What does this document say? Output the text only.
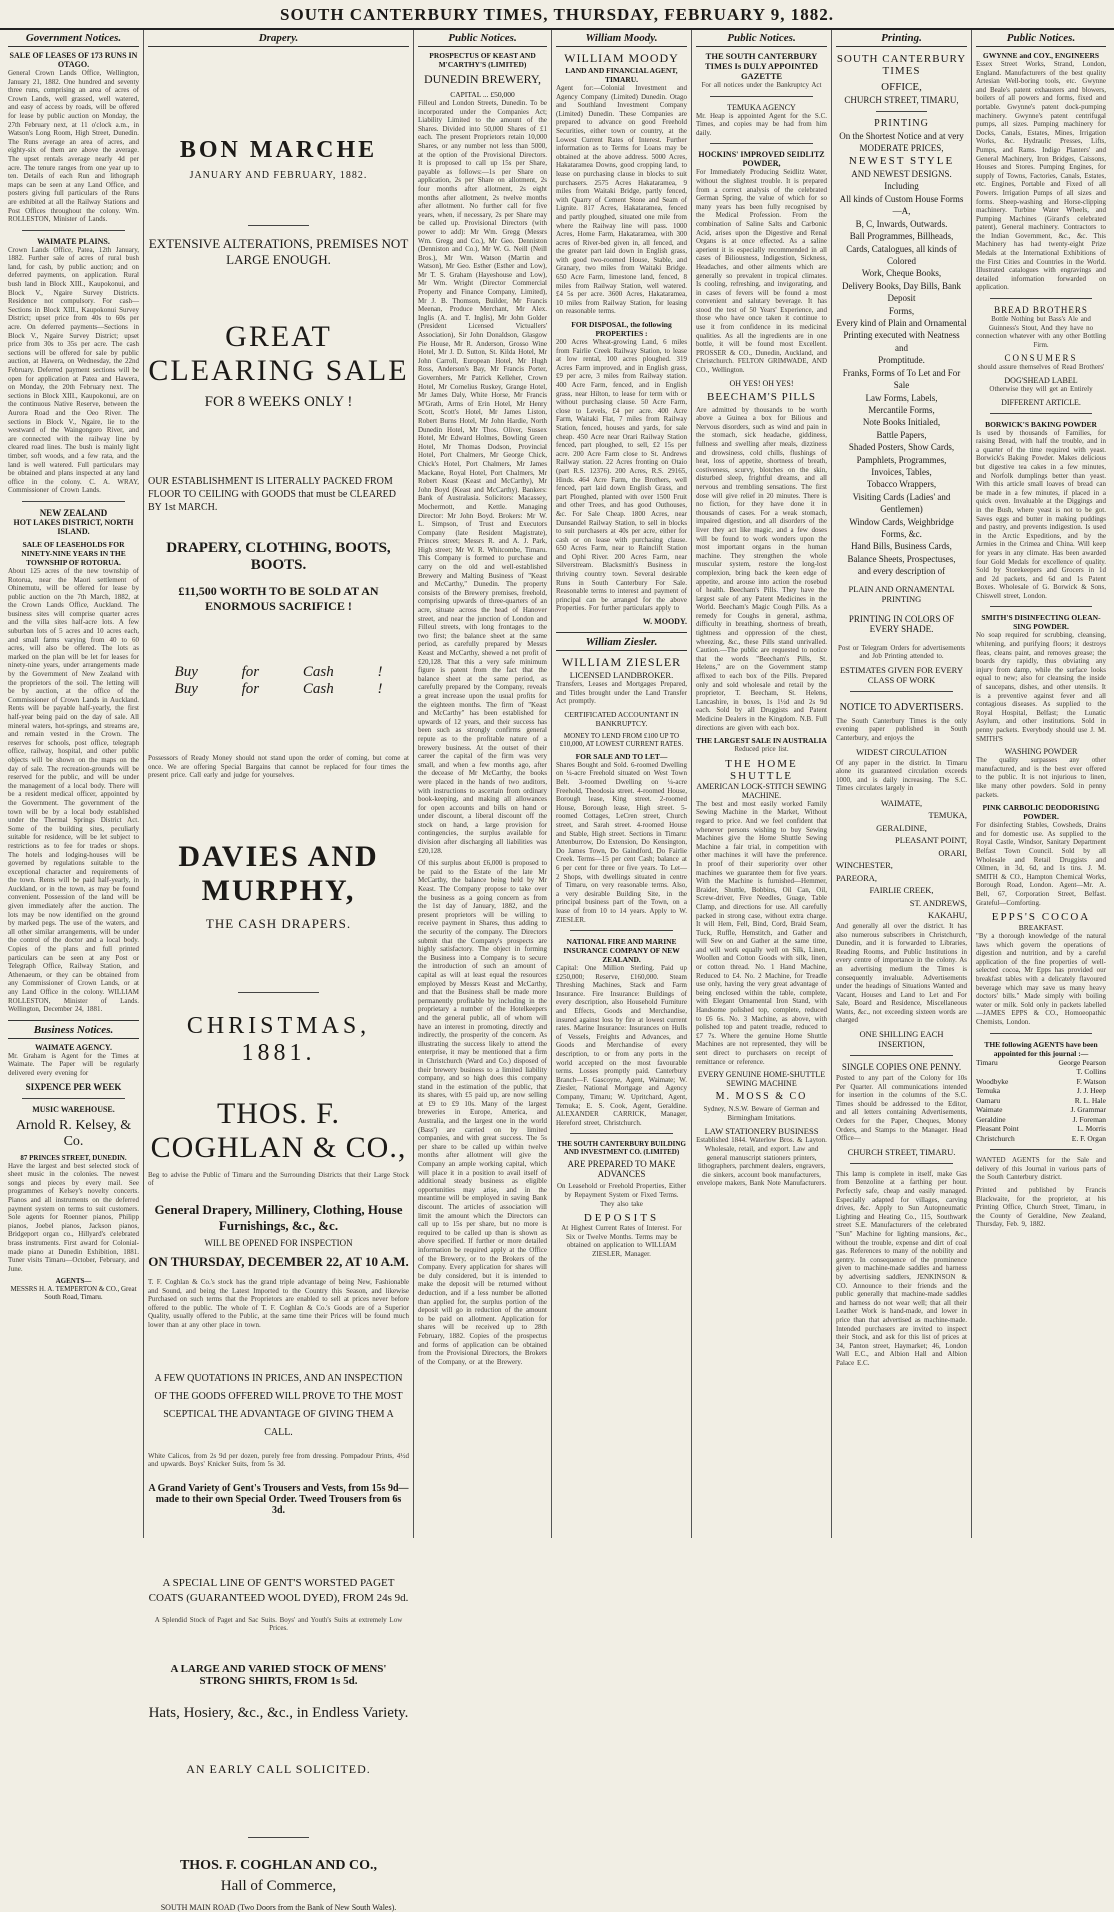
SOUTH CANTERBURY TIMES, THURSDAY, FEBRUARY 9, 1882.
Government Notices.
SALE OF LEASES OF 173 RUNS IN OTAGO.

General Crown Lands Office, Wellington, January 21, 1882. One hundred and seventy three runs, comprising an area of acres of Crown Lands, well grassed, well watered, and easy of access by roads, will be offered for lease by public auction on Monday, the 27th February next, at 11 o'clock a.m., in Watson's Long Room, High Street, Dunedin. The Runs average an area of acres, and eighty-six of them are above the average. The upset rentals average nearly 4d per acre. The tenure ranges from one year up to ten. Details of each Run and lithograph maps can be seen at any Land Office, and posters giving full particulars of the Runs are exhibited at all the Railway Stations and Post Offices throughout the colony. Wm. ROLLESTON, Minister of Lands.

WAIMATE PLAINS.

Crown Lands Office, Patea, 12th January, 1882. Further sale of acres of rural bush land, for cash, by public auction; and on deferred payments, on application. Rural bush land in Block XIII., Kaupokonui, and Block V., Ngaire Survey Districts. Residence not compulsory. For cash—Sections in Block XIII., Kaupokonui Survey District; upset price from 40s to 60s per acre. On deferred payments—Sections in Block V., Ngaire Survey District; upset price from 30s to 35s per acre. The cash sections will be offered for sale by public auction, at Hawera, on Wednesday, the 22nd February. Deferred payment sections will be open for application at Patea and Hawera, on Monday, the 20th February next. The sections in Block XIII., Kaupokonui, are on the continuous Native Reserve, between the Aurora Road and the Oeo River. The sections in Block V., Ngaire, lie to the westward of the Waingongoro River, and are connected with the railway line by cleared road lines. The bush is mainly light timber, soft woods, and a few rata, and the land is well watered. Full particulars may be obtained and plans inspected at any land office in the colony. C. A. WRAY, Commissioner of Crown Lands.

NEW ZEALAND
HOT LAKES DISTRICT, NORTH ISLAND.
SALE OF LEASEHOLDS FOR NINETY-NINE YEARS IN THE TOWNSHIP OF ROTORUA.

About 125 acres of the new township of Rotorua, near the Maori settlement of Ohinemutu, will be offered for lease by public auction on the 7th March, 1882, at the Crown Lands Office, Auckland. The business sites will comprise quarter acres and the villa sites half-acre lots. A few suburban lots of 5 acres and 10 acres each, and small farms varying from 40 to 60 acres, will also be offered. The lots as marked on the plan will be let for leases for ninety-nine years, under arrangements made by the Government of New Zealand with the proprietors of the soil. The letting will be by auction, at the office of the Commissioner of Crown Lands in Auckland. Rents will be payable half-yearly, the first half-year being paid on the day of sale. All mineral waters, hot-springs, and streams are, and remain vested in the Crown. The reserves for schools, post office, telegraph office, railway, hospital, and other public objects will be shown on the maps on the day of sale. The recreation-grounds will be reserved for the public, and will be under the management of a local body. There will be a resident medical officer, appointed by the Government. The government of the town will be by a local body established under the Thermal Springs District Act. Some of the building sites, peculiarly suitable for residence, will be let subject to restrictions as to fee for trades or shops. The hotels and lodging-houses will be governed by regulations suitable to the exceptional character and requirements of the town. Rents will be paid half-yearly, in Auckland, or in the town, as may be found convenient. Possession of the land will be given immediately after the auction. The lots may be now identified on the ground by marked pegs. The use of the waters, and all other similar arrangements, will be under the control of the doctor and a local body. Copies of the plans and full printed particulars can be seen at any Post or Telegraph Office, Railway Station, and Athenaeum, or they can be obtained from any Commissioner of Crown Lands, or at any Land Office in the colony. WILLIAM ROLLESTON, Minister of Lands. Wellington, December 24, 1881.

Business Notices.
WAIMATE AGENCY.

Mr. Graham is Agent for the Times at Waimate. The Paper will be regularly delivered every evening for

SIXPENCE PER WEEK
MUSIC WAREHOUSE.
Arnold R. Kelsey, & Co.
87 PRINCES STREET, DUNEDIN.

Have the largest and best selected stock of sheet music in the colonies. The newest songs and pieces by every mail. See programmes of Kelsey's novelty concerts. Pianos and all instruments on the deferred payment system on terms to suit customers. Sole agents for Roenner pianos, Philipp pianos, Joebel pianos, Jackson pianos, Bridgeport organ co., Hillyard's celebrated brass instruments. First award for Colonial-made piano at Dunedin Exhibition, 1881. Tuner visits Timaru—October, February, and June.

AGENTS—
MESSRS H. A. TEMPERTON & CO., Great South Road, Timaru.
Drapery.
BON MARCHE
JANUARY AND FEBRUARY, 1882.
EXTENSIVE ALTERATIONS, PREMISES NOT LARGE ENOUGH.
GREAT CLEARING SALE
FOR 8 WEEKS ONLY !
OUR ESTABLISHMENT IS LITERALLY PACKED FROM FLOOR TO CEILING with GOODS that must be CLEARED BY 1st MARCH.
DRAPERY, CLOTHING, BOOTS, BOOTS.
£11,500 WORTH TO BE SOLD AT AN ENORMOUS SACRIFICE !
Buy for Cash ! Buy for Cash !

Possessors of Ready Money should not stand upon the order of coming, but come at once. We are offering Special Bargains that cannot be replaced for four times the present price. Call early and judge for yourselves.

DAVIES AND MURPHY,
THE CASH DRAPERS.
CHRISTMAS, 1881.
THOS. F. COGHLAN & CO.,

Beg to advise the Public of Timaru and the Surrounding Districts that their Large Stock of

General Drapery, Millinery, Clothing, House Furnishings, &c., &c.
WILL BE OPENED FOR INSPECTION
ON THURSDAY, DECEMBER 22, AT 10 A.M.

T. F. Coghlan & Co.'s stock has the grand triple advantage of being New, Fashionable and Sound, and being the Latest Imported to the Country this Season, and likewise Purchased on such terms that the Proprietors are enabled to sell at prices never before offered to the public. The whole of T. F. Coghlan & Co.'s Goods are of a Superior Quality, usually offered to the Public, at the same time their Prices will be found much lower than at any other place in town.

A FEW QUOTATIONS IN PRICES, AND AN INSPECTION OF THE GOODS OFFERED WILL PROVE TO THE MOST SCEPTICAL THE ADVANTAGE OF GIVING THEM A CALL.

White Calicos, from 2s 9d per dozen, purely free from dressing. Pompadour Prints, 4½d and upwards. Boys' Knicker Suits, from 5s 3d.

A Grand Variety of Gent's Trousers and Vests, from 15s 9d—made to their own Special Order. Tweed Trousers from 6s 3d.
A SPECIAL LINE OF GENT'S WORSTED PAGET COATS (GUARANTEED WOOL DYED), FROM 24s 9d.

A Splendid Stock of Paget and Sac Suits. Boys' and Youth's Suits at extremely Low Prices.

A LARGE AND VARIED STOCK OF MENS' STRONG SHIRTS, FROM 1s 5d.
Hats, Hosiery, &c., &c., in Endless Variety.
AN EARLY CALL SOLICITED.
THOS. F. COGHLAN AND CO.,
Hall of Commerce,
SOUTH MAIN ROAD (Two Doors from the Bank of New South Wales).
Public Notices.
PROSPECTUS OF KEAST AND M'CARTHY'S (LIMITED)
DUNEDIN BREWERY,
CAPITAL ... £50,000

Filleul and London Streets, Dunedin. To be incorporated under the Companies Act; Liability Limited to the amount of the Shares. Divided into 50,000 Shares of £1 each. The present Proprietors retain 10,000 Shares, or any number not less than 5000, at the option of the Provisional Directors. It is proposed to call up 15s per Share, payable as follows:—1s per Share on application, 2s per Share on allotment, 2s four months after allotment, 2s eight months after allotment, 2s twelve months after allotment. No further call for five years, when, if necessary, 2s per Share may be called up. Provisional Directors (with power to add): Mr Wm. Gregg (Messrs Wm. Gregg and Co.), Mr Geo. Denniston (Denniston and Co.), Mr W. G. Neill (Neill Bros.), Mr Wm. Watson (Martin and Watson), Mr Geo. Esther (Esther and Low), Mr T. S. Graham (Hayeshouse and Low), Mr Wm. Wright (Director Commercial Property and Finance Company, Limited), Mr J. B. Thomson, Builder, Mr Francis Meenan, Produce Merchant, Mr Alex. Inglis (A. and T. Inglis), Mr John Golder (President Licensed Victuallers' Association), Sir John Donaldson, Glasgow Pie House, Mr R. Anderson, Grosso Wine Hotel, Mr J. D. Sutton, St. Kilda Hotel, Mr John Carroll, European Hotel, Mr Hugh Ross, Anderson's Bay, Mr Francis Porter, Governhers, Mr Patrick Kelleher, Crown Hotel, Mr Cornelius Ruskey, Grange Hotel, Mr James Daly, White Horse, Mr Francis M'Grath, Arms of Erin Hotel, Mr Henry Scott, Scott's Hotel, Mr James Liston, Robert Burns Hotel, Mr John Hardie, North Dunedin Hotel, Mr Thos. Oliver, Sussex Hotel, Mr Edward Holmes, Bowling Green Hotel, Mr Thomas Dodson, Provincial Hotel, Port Chalmers, Mr George Chick, Chick's Hotel, Port Chalmers, Mr James Mackane, Royal Hotel, Port Chalmers, Mr Robert Keast (Keast and McCarthy), Mr John Boyd (Keast and McCarthy). Bankers: Bank of Australasia. Solicitors: Macassey, Mochermott, and Kettle. Managing Director: Mr John Boyd. Brokers: Mr W. L. Simpson, of Trust and Executors Company (late Resident Magistrate), Princes street; Messrs R. and A. J. Park, High street; Mr W. R. Whitcombe, Timaru. This Company is formed to purchase and carry on the old and well-established Brewery and Malting Business of "Keast and McCarthy," Dunedin. The property consists of the Brewery premises, freehold, comprising upwards of three-quarters of an acre, situate across the head of Hanover street, and near the junction of London and Filleul streets, with long frontages to the two first; the balance sheet at the same period, as carefully prepared by Messrs Keast and McCarthy, shewed a net profit of £20,128. That this a very safe minimum figure is patent from the fact that the balance sheet at the same period, as carefully prepared by the Company, reveals a great increase upon the usual profits for the eighteen months. The firm of "Keast and McCarthy" has been established for upwards of 12 years, and their success has been such as strongly confirms general repute as to the profitable nature of a brewery business. At the outset of their career the capital of the firm was very small, and when a few months ago, after the decease of Mr McCarthy, the books were placed in the hands of two auditors, with instructions to ascertain from ordinary book-keeping, and making all allowances for open accounts and bills on hand or under discount, a liberal discount off the stock on hand, a large provision for contingencies, the surplus available for division after discharging all liabilities was £20,128.

Of this surplus about £6,000 is proposed to be paid to the Estate of the late Mr McCarthy, the balance being held by Mr Keast. The Company propose to take over the business as a going concern as from the 1st day of January, 1882, and the present proprietors will be willing to receive payment in Shares, thus adding to the security of the company. The Directors submit that the Company's prospects are highly satisfactory. The object in forming the Business into a Company is to secure the introduction of such an amount of capital as will at least equal the resources employed by Messrs Keast and McCarthy, and that the Business shall be made more permanently profitable by including in the proprietary a number of the Hotelkeepers and the general public, all of whom will have an interest in promoting, directly and indirectly, the prosperity of the concern. As illustrating the success likely to attend the enterprise, it may be mentioned that a firm in Christchurch (Ward and Co.) disposed of their brewery business to a limited liability company, and so high does this company stand in the estimation of the public, that its shares, with £5 paid up, are now selling at £9 to £9 10s. Many of the largest breweries in Europe, America, and Australia, and the largest one in the world (Bass') are carried on by limited companies, and with great success. The 5s per share to be called up within twelve months after allotment will give the Company an ample working capital, which will place it in a position to avail itself of additional steady business as eligible opportunities may arise, and in the meantime will be employed in saving Bank discount. The articles of association will limit the amount which the Directors can call up to 15s per share, but no more is required to be called up than is shown as above specified. If further or more detailed information be required apply at the Office of the Brewery, or to the Brokers of the Company. Every application for shares will be duly considered, but it is intended to make the deposit will be returned without deduction, and if a less number be allotted than applied for, the surplus portion of the deposit will go in reduction of the amount to be paid on allotment. Application for shares will be received up to 28th February, 1882. Copies of the prospectus and forms of application can be obtained from the Provisional Directors, the Brokers of the Company, or at the Brewery.

William Moody.
WILLIAM MOODY
LAND AND FINANCIAL AGENT, TIMARU.

Agent for:—Colonial Investment and Agency Company (Limited) Dunedin. Otago and Southland Investment Company (Limited) Dunedin. These Companies are prepared to advance on good Freehold Securities, either town or country, at the Lowest Current Rates of Interest. Further information as to Terms for Loans may be obtained at the above address. 5000 Acres, Hakataramea Downs, good cropping land, to lease on purchasing clause in blocks to suit purchasers. 2575 Acres Hakataramea, 9 miles from Waitaki Bridge, partly fenced, with Quarry of Cement Stone and Seam of Lignite. 817 Acres, Hakataramea, fenced and partly ploughed, situated one mile from where the Railway line will pass. 1000 Acres, Home Farm, Hakataramea, with 300 acres of River-bed given in, all fenced, and the greater part laid down in English grass, with good two-roomed House, Stable, and Granary, two miles from Waitaki Bridge. 650 Acre Farm, limestone land, fenced, 8 miles from Railway Station, well watered. £4 5s per acre. 3600 Acres, Hakataramea, 10 miles from Railway Station, for leasing on reasonable terms.

FOR DISPOSAL, the following PROPERTIES :

200 Acres Wheat-growing Land, 6 miles from Fairlie Creek Railway Station, to lease at low rental, 100 acres ploughed. 319 Acres Farm improved, and in English grass, £9 per acre, 3 miles from Railway station. 400 Acre Farm, fenced, and in English grass, near Hilton, to lease for term with or without purchasing clause. 50 Acre Farm, close to Levels, £4 per acre. 400 Acre Farm, Waitaki Flat, 7 miles from Railway Station, fenced, houses and yards, for sale cheap. 450 Acre near Orari Railway Station fenced, part ploughed, to sell, £2 15s per acre. 200 Acre Farm close to St. Andrews Railway station. 22 Acres fronting on Otaio (part R.S. 12376). 200 Acres, R.S. 29165, Hinds. 464 Acre Farm, the Brothers, well fenced, part laid down English Grass, and part Ploughed, planted with over 1500 Fruit and other Trees, and has good Outhouses, &c. For Sale Cheap. 1800 Acres, near Dunsandel Railway Station, to sell in blocks to suit purchasers at 40s per acre, either for cash or on lease with purchasing clause. 650 Acres Farm, near to Rainclift Station and Ophi River. 200 Acres Farm, near Silverstream. Blacksmith's Business in thriving country town. Several desirable Runs in South Canterbury For Sale. Reasonable terms to interest and payment of principal can be arranged for the above Properties. For further particulars apply to

W. MOODY.
William Ziesler.
WILLIAM ZIESLER
LICENSED LANDBROKER.

Transfers, Leases and Mortgages Prepared, and Titles brought under the Land Transfer Act promptly.

CERTIFICATED ACCOUNTANT IN BANKRUPTCY.
MONEY TO LEND FROM £100 UP TO £10,000, AT LOWEST CURRENT RATES.
FOR SALE AND TO LET—

Shares Bought and Sold. 6-roomed Dwelling on ¼-acre Freehold situated on West Town Belt. 3-roomed Dwelling on ¼-acre Freehold, Theodosia street. 4-roomed House, Borough lease, King street. 2-roomed House, Borough lease, High street. 5-roomed Cottages, LeCren street, Church street, and Sarah street. 4-roomed House and Stable, High street. Sections in Timaru: Attenburrow, Do Extension, Do Kensington, Do James Town, Do Gaindford, Do Fairlie Creek. Terms—15 per cent Cash; balance at 6 per cent for three or five years. To Let—2 Shops, with dwellings situated in centre of Timaru, on very reasonable terms. Also, a very desirable Building Site, in the principal business part of the Town, on a lease of from 10 to 14 years. Apply to W. ZIESLER.

NATIONAL FIRE AND MARINE INSURANCE COMPANY OF NEW ZEALAND.

Capital: One Million Sterling. Paid up £250,000; Reserve, £160,000. Steam Threshing Machines, Stack and Farm Insurance. Fire Insurance: Buildings of every description, also Household Furniture and Effects, Goods and Merchandise, insured against loss by fire at lowest current rates. Marine Insurance: Insurances on Hulls of Vessels, Freights and Advances, and Goods and Merchandise of every description, to or from any ports in the world accepted on the most favourable terms. Losses promptly paid. Canterbury Branch—F. Gascoyne, Agent, Waimate; W. Ziesler, National Mortgage and Agency Company, Timaru; W. Upritchard, Agent, Temuka; E. S. Cook, Agent, Geraldine. ALEXANDER CARRICK, Manager, Hereford street, Christchurch.

THE SOUTH CANTERBURY BUILDING AND INVESTMENT CO. (LIMITED)
ARE PREPARED TO MAKE ADVANCES

On Leasehold or Freehold Properties, Either by Repayment System or Fixed Terms. They also take

DEPOSITS

At Highest Current Rates of Interest. For Six or Twelve Months. Terms may be obtained on application to WILLIAM ZIESLER, Manager.

Public Notices.
THE SOUTH CANTERBURY TIMES Is DULY APPOINTED GAZETTE

For all notices under the Bankruptcy Act

TEMUKA AGENCY

Mr. Heap is appointed Agent for the S.C. Times, and copies may be had from him daily.

HOCKINS' IMPROVED SEIDLITZ POWDER,

For Immediately Producing Seidlitz Water, without the slightest trouble. It is prepared from a correct analysis of the celebrated German Spring, the value of which for so many years has been fully recognised by the Medical Profession. From the combination of Saline Salts and Carbonic Acid, arises upon the Digestive and Renal Organs is at once effected. As a saline aperient it is especially recommended in all cases of Biliousness, Indigestion, Sickness, Headaches, and other ailments which are generally so prevalent in tropical climates. Is cooling, refreshing, and invigorating, and in cases of fevers will be found a most convenient and salutary beverage. It has stood the test of 50 Years' Experience, and those who have once taken it continue to use it from confidence in its medicinal qualities. As all the ingredients are in one bottle, it will be found most Excellent. PROSSER & CO., Dunedin, Auckland, and Christchurch. FELTON GRIMWADE, AND CO., Wellington.

OH YES! OH YES!
BEECHAM'S PILLS

Are admitted by thousands to be worth above a Guinea a box for Bilious and Nervous disorders, such as wind and pain in the stomach, sick headache, giddiness, fullness and swelling after meals, dizziness and drowsiness, cold chills, flushings of heat, loss of appetite, shortness of breath, costiveness, scurvy, blotches on the skin, disturbed sleep, frightful dreams, and all nervous and trembling sensations. The first dose will give relief in 20 minutes. There is no fiction, for they have done it in thousands of cases. For a weak stomach, impaired digestion, and all disorders of the liver they act like magic, and a few doses will be found to work wonders upon the most important organs in the human machine. They strengthen the whole muscular system, restore the long-lost complexion, bring back the keen edge of appetite, and arouse into action the rosebud of health. Beecham's Pills. They have the largest sale of any Patent Medicines in the World. Beecham's Magic Cough Pills. As a remedy for Coughs in general, asthma, difficulty in breathing, shortness of breath, tightness and oppression of the chest, wheezing, &c., these Pills stand unrivalled. Caution.—The public are requested to notice that the words "Beecham's Pills, St. Helens," are on the Government stamp affixed to each box of the Pills. Prepared only and sold wholesale and retail by the proprietor, T. Beecham, St. Helens, Lancashire, in boxes, 1s 1½d and 2s 9d each. Sold by all Druggists and Patent Medicine Dealers in the Kingdom. N.B. Full directions are given with each box.

THE LARGEST SALE IN AUSTRALIA

Reduced price list.

THE HOME SHUTTLE
AMERICAN LOCK-STITCH SEWING MACHINE.

The best and most easily worked Family Sewing Machine in the Market, Without regard to price. And we feel confident that whenever persons wishing to buy Sewing Machines give the Home Shuttle Sewing Machine a fair trial, in competition with other machines it will have the preference. In proof of their superiority over other machines we guarantee them for five years. With the Machine is furnished—Hemmer, Braider, Shuttle, Bobbins, Oil Can, Oil, Screw-driver, Five Needles, Guage, Table Clamp, and directions for use. All carefully packed in strong case, without extra charge. It will Hem, Fell, Bind, Cord, Braid Seam, Tuck, Ruffle, Hemstitch, and Gather and will Sew on and Gather at the same time, and will work equally well on Silk, Linen, Woollen and Cotton Goods with silk, linen, or cotton thread. No. 1 Hand Machine, Reduced to £4. No. 2 Machine, for Treadle use only, having the very great advantage of being enclosed within the table, complete, with Elegant Ornamental Iron Stand, with Handsome polished top, complete, reduced to £6 6s. No. 3 Machine, as above, with polished top and patent treadle, reduced to £7 7s. Where the genuine Home Shuttle Machines are not represented, they will be sent direct to purchasers on receipt of remittance or reference.

EVERY GENUINE HOME-SHUTTLE SEWING MACHINE
M. MOSS & CO

Sydney, N.S.W. Beware of German and Birmingham Imitations.

LAW STATIONERY BUSINESS

Established 1844. Waterlow Bros. & Layton. Wholesale, retail, and export. Law and general manuscript stationers printers, lithographers, parchment dealers, engravers, die sinkers, account book manufacturers, envelope makers, Bank Note Manufacturers.

Printing.
SOUTH CANTERBURY TIMES
OFFICE,
CHURCH STREET, TIMARU,
PRINTING
On the Shortest Notice and at very
MODERATE PRICES,
NEWEST STYLE
AND NEWEST DESIGNS.
Including
All kinds of Custom House Forms—A,
B, C, Inwards, Outwards.
Ball Programmes, Billheads,
Cards, Catalogues, all kinds of Colored
Work, Cheque Books,
Delivery Books, Day Bills, Bank Deposit
Forms,
Every kind of Plain and Ornamental
Printing executed with Neatness and
Promptitude.
Franks, Forms of To Let and For Sale
Law Forms, Labels,
Mercantile Forms,
Note Books Initialed,
Battle Papers,
Shaded Posters, Show Cards,
Pamphlets, Programmes,
Invoices, Tables,
Tobacco Wrappers,
Visiting Cards (Ladies' and Gentlemen)
Window Cards, Weighbridge Forms, &c.
Hand Bills, Business Cards,
Balance Sheets, Prospectuses,
and every description of
PLAIN AND ORNAMENTAL PRINTING
PRINTING IN COLORS OF EVERY SHADE.

Post or Telegram Orders for advertisements and Job Printing attended to.

ESTIMATES GIVEN FOR EVERY CLASS OF WORK
NOTICE TO ADVERTISERS.

The South Canterbury Times is the only evening paper published in South Canterbury, and enjoys the

WIDEST CIRCULATION

Of any paper in the district. In Timaru alone its guaranteed circulation exceeds 1000, and is daily increasing. The S.C. Times circulates largely in

WAIMATE,
TEMUKA,
GERALDINE,
PLEASANT POINT,
ORARI,
WINCHESTER,
PAREORA,
FAIRLIE CREEK,
ST. ANDREWS,
KAKAHU,

And generally all over the district. It has also numerous subscribers in Christchurch, Dunedin, and it is forwarded to Libraries, Reading Rooms, and Public Institutions in every centre of importance in the colony. As an advertising medium the Times is consequently invaluable. Advertisements under the headings of Situations Wanted and Vacant, Houses and Land to Let and For Sale, Board and Residence, Miscellaneous Wants, &c., not exceeding sixteen words are charged

ONE SHILLING EACH INSERTION,
SINGLE COPIES ONE PENNY.

Posted to any part of the Colony for 10s Per Quarter. All communications intended for insertion in the columns of the S.C. Times should be addressed to the Editor, and all letters containing Advertisements, Orders for the Paper, Cheques, Money Orders, and Stamps to the Manager. Head Office—

CHURCH STREET, TIMARU.

This lamp is complete in itself, make Gas from Benzoline at a farthing per hour. Perfectly safe, cheap and easily managed. Especially adapted for villages, carving drives, &c. Apply to Sun Autopneumatic Lighting and Heating Co., 115, Southwark street S.E. Manufacturers of the celebrated "Sun" Machine for lighting mansions, &c., without the trouble, expense and dirt of coal gas. References to many of the nobility and gentry. In consequence of the prominence given to machine-made saddles and harness by advertising saddlers, JENKINSON & CO. Announce to their friends and the public generally that machine-made saddles and harness do not wear well; that all their Leather Work is hand-made, and lower in price than that advertised as machine-made. Intended purchasers are invited to inspect their Stock, and ask for this list of prices at 34, Panton street, Haymarket; 46, London Wall E.C., and Albion Hall and Albion Palace E.C.

Public Notices.
GWYNNE and COY., ENGINEERS

Essex Street Works, Strand, London, England. Manufacturers of the best quality Artesian Well-boring tools, etc. Gwynne and Beale's patent exhausters and blowers, boilers of all powers and forms, fixed and portable. Gwynne's patent dock-pumping machinery. Gwynne's patent centrifugal pumps, all sizes. Pumping machinery for Docks, Canals, Estates, Mines, Irrigation Works, &c. Hydraulic Presses, Lifts, Pumps, and Rams. Indigo Planters' and General Machinery, Iron Bridges, Caissons, Houses and Stores. Pumping Engines, for supply of Towns, Factories, Canals, Estates, etc. Engines, Portable and Fixed of all Powers. Irrigation Pumps of all sizes and forms. Sheep-washing and Horse-clipping machinery. Turbine Water Wheels, and Pumping Machines (Girard's celebrated patent), General machinery. Contractors to the Indian Government, &c., &c. This Machinery has had twenty-eight Prize Medals at the International Exhibitions of the First Cities and Countries in the World. Illustrated catalogues with engravings and detailed information forwarded on application.

BREAD BROTHERS

Bottle Nothing but Bass's Ale and Guinness's Stout, And they have no connection whatever with any other Bottling Firm.

CONSUMERS

should assure themselves of Read Brothers'

DOG'SHEAD LABEL

Otherwise they will get an Entirely

DIFFERENT ARTICLE.
BORWICK'S BAKING POWDER

Is used by thousands of Families, for raising Bread, with half the trouble, and in a quarter of the time required with yeast. Borwick's Baking Powder. Makes delicious but digestive tea cakes in a few minutes, and Norfolk dumplings better than yeast. With this article small loaves of bread can be made in a few minutes, if placed in a quick oven. Invaluable at the Diggings and in the Bush, where yeast is not to be got. Saves eggs and butter in making puddings and pastry, and prevents indigestion. Is used in the Arctic Expeditions, and by the Armies in the Crimea and China. Will keep for years in any climate. Has been awarded four Gold Medals for excellence of quality. Sold by Storekeepers and Grocers in 1d and 2d packets, and 6d and 1s Patent Boxes. Wholesale of G. Borwick & Sons, Chiswell street, London.

SMITH'S DISINFECTING OLEAN-SING POWDER.

No soap required for scrubbing, cleansing, whitening, and purifying floors; it destroys fleas, cleans paint, and removes grease; the boards dry rapidly, thus obviating any injury from damp, while the surface looks equal to new; also for cleansing the inside of saucepans, dishes, and other utensils. It is a preventive against fever and all contagious diseases. As supplied to the Royal Hospital, Belfast; the Lunatic Asylum, and other institutions. Sold in penny packets. Everybody should use J. M. SMITH'S

WASHING POWDER

The quality surpasses any other manufactured, and is the best ever offered to the public. It is not injurious to linen, like many other powders. Sold in penny packets.

PINK CARBOLIC DEODORISING POWDER.

For disinfecting Stables, Cowsheds, Drains and for domestic use. As supplied to the Royal Castle, Windsor, Sanitary Department Belfast Town Council. Sold by all Wholesale and Retail Druggists and Oilmen, in 3d, 6d, and 1s tins. J. M. SMITH & CO., Hampton Chemical Works, Borough Road, London. Agent—Mr. A. Bell, 67, Corporation Street, Belfast. Grateful—Comforting.

EPPS'S COCOA
BREAKFAST.

"By a thorough knowledge of the natural laws which govern the operations of digestion and nutrition, and by a careful application of the fine properties of well-selected cocoa, Mr Epps has provided our breakfast tables with a delicately flavoured beverage which may save us many heavy doctors' bills." Made simply with boiling water or milk. Sold only in packets labelled—JAMES EPPS & CO., Homoeopathic Chemists, London.

THE following AGENTS have been appointed for this journal :—
Timaru	George Pearson
T. Collins
Woodbyke	F. Watson
Temuka	J. J. Heep
Oamaru	R. L. Hale
Waimate	J. Grammar
Geraldine	J. Foreman
Pleasant Point	L. Morris
Christchurch	E. F. Organ

WANTED AGENTS for the Sale and delivery of this Journal in various parts of the South Canterbury district.

Printed and published by Francis Blackwaite, for the proprietor, at his Printing Office, Church Street, Timaru, in the County of Geraldine, New Zealand, Thursday, Feb. 9, 1882.
